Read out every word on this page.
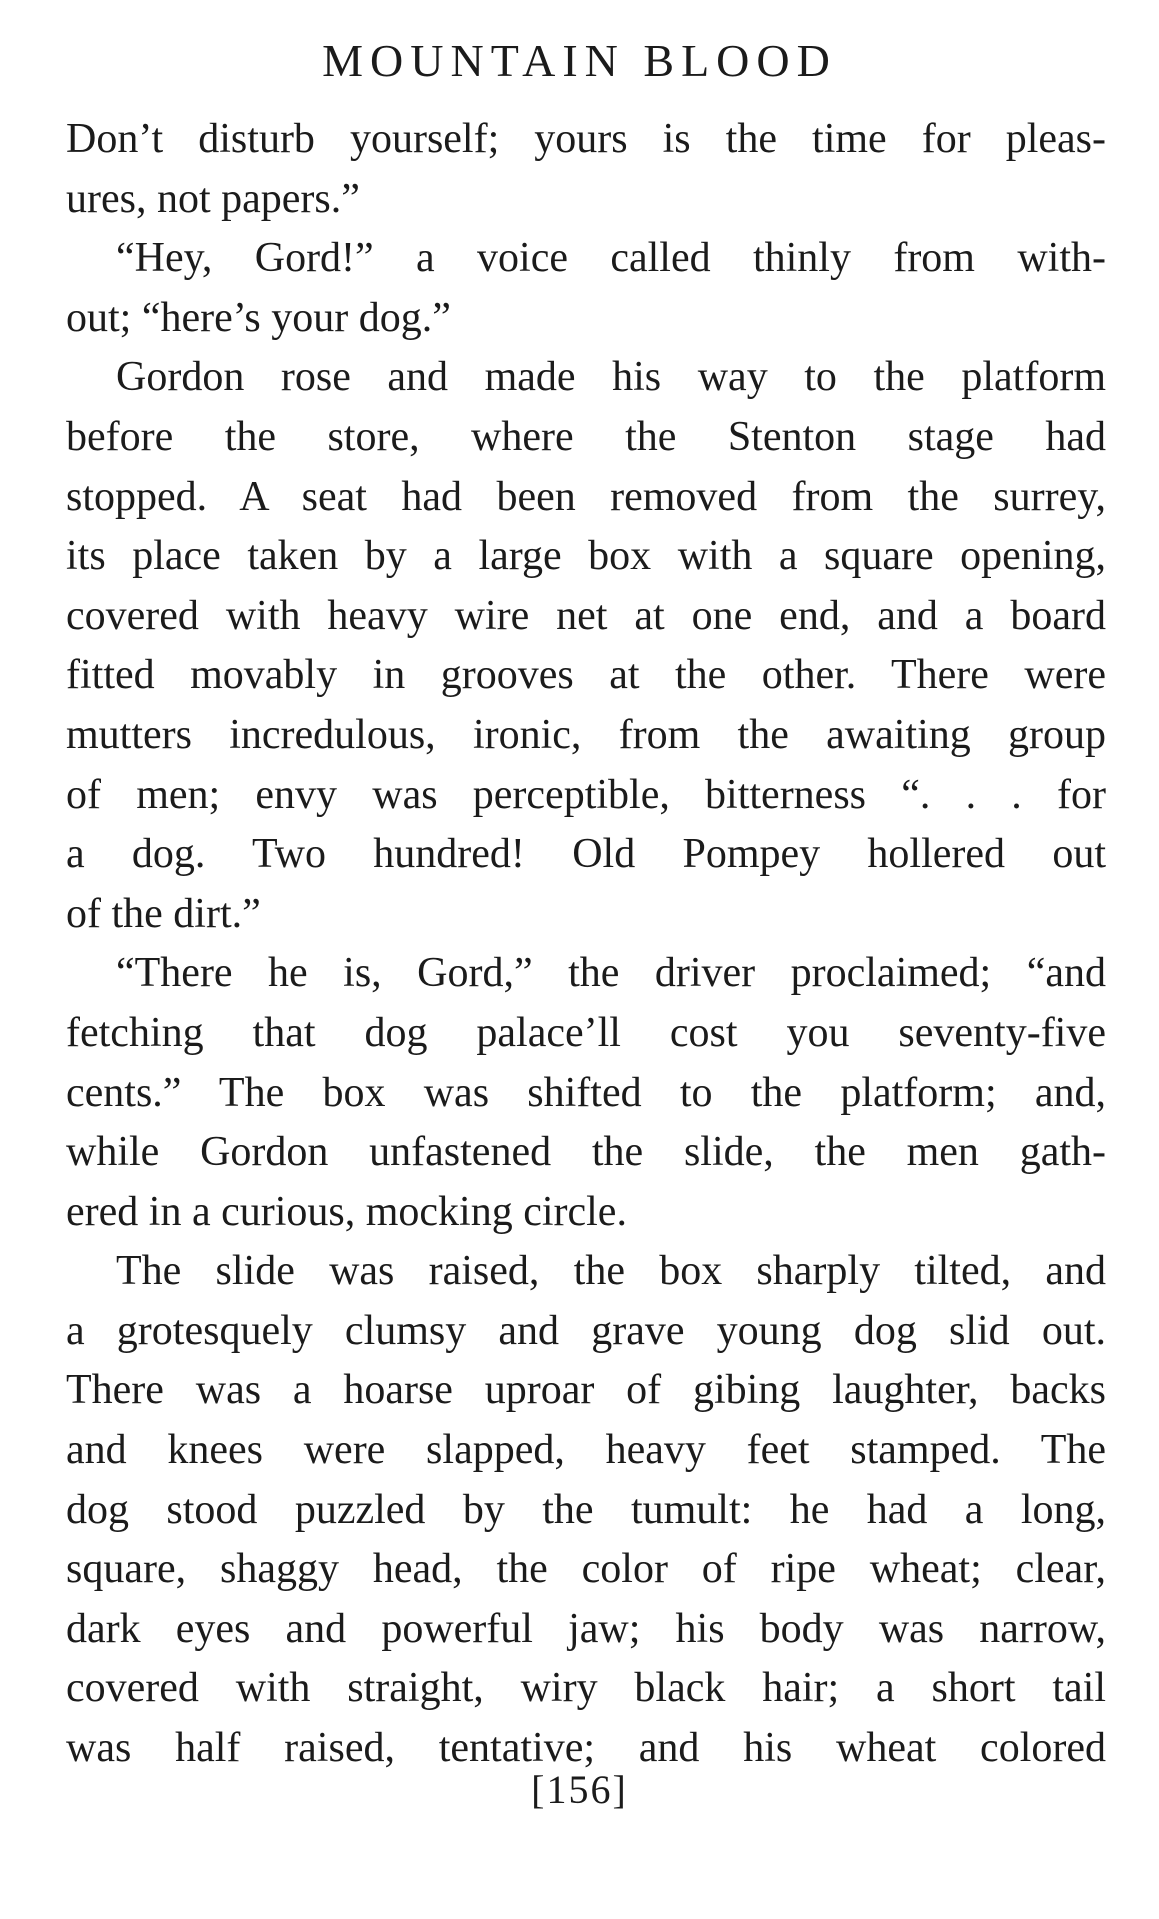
MOUNTAIN BLOOD
Don’t disturb yourself; yours is the time for pleas-
ures, not papers.”
“Hey, Gord!” a voice called thinly from with-
out; “here’s your dog.”
Gordon rose and made his way to the platform
before the store, where the Stenton stage had
stopped. A seat had been removed from the surrey,
its place taken by a large box with a square opening,
covered with heavy wire net at one end, and a board
fitted movably in grooves at the other. There were
mutters incredulous, ironic, from the awaiting group
of men; envy was perceptible, bitterness “. . . for
a dog. Two hundred! Old Pompey hollered out
of the dirt.”
“There he is, Gord,” the driver proclaimed; “and
fetching that dog palace’ll cost you seventy-five
cents.” The box was shifted to the platform; and,
while Gordon unfastened the slide, the men gath-
ered in a curious, mocking circle.
The slide was raised, the box sharply tilted, and
a grotesquely clumsy and grave young dog slid out.
There was a hoarse uproar of gibing laughter, backs
and knees were slapped, heavy feet stamped. The
dog stood puzzled by the tumult: he had a long,
square, shaggy head, the color of ripe wheat; clear,
dark eyes and powerful jaw; his body was narrow,
covered with straight, wiry black hair; a short tail
was half raised, tentative; and his wheat colored
[156]
